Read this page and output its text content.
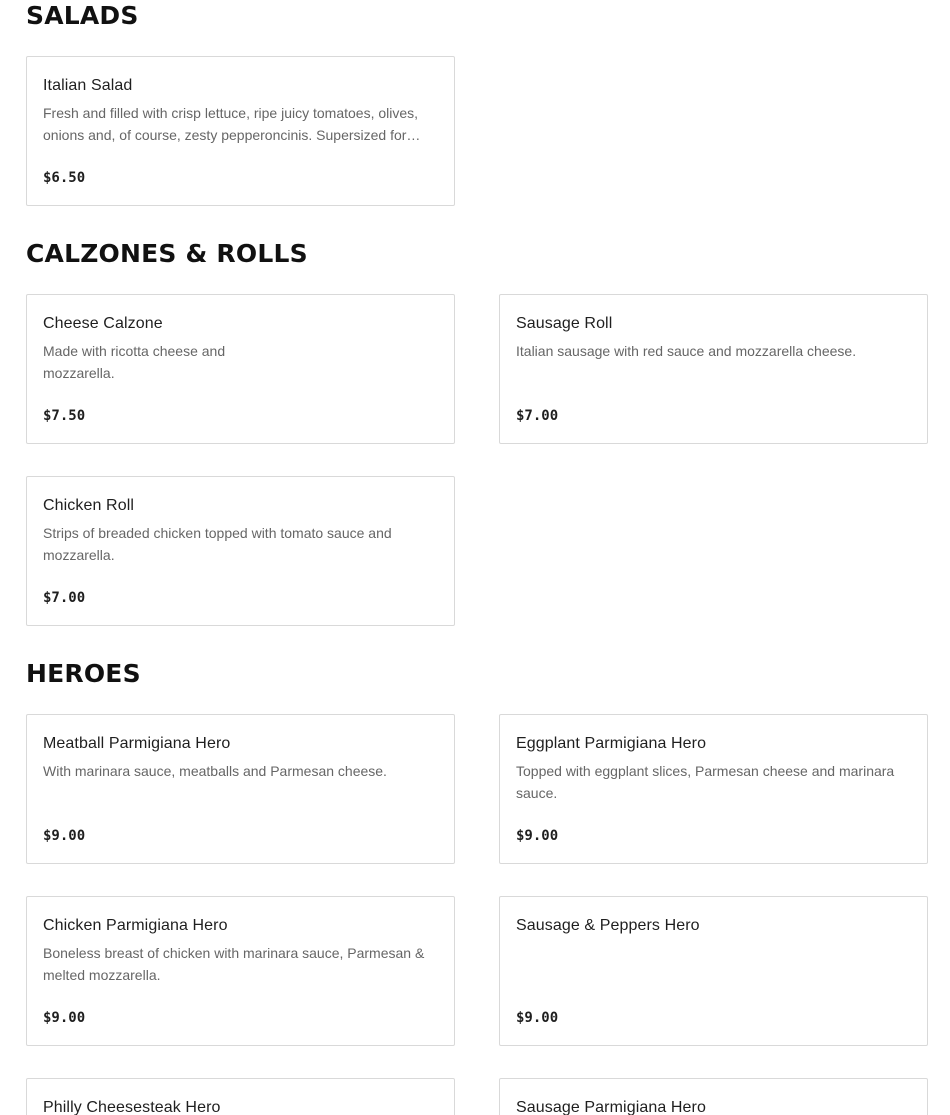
SALADS
Italian Salad
Fresh and filled with crisp lettuce, ripe juicy tomatoes, olives, onions and, of course, zesty pepperoncinis. Supersized for…
$6.50
CALZONES & ROLLS
Cheese Calzone
Made with ricotta cheese and mozzarella.
$7.50
Sausage Roll
Italian sausage with red sauce and mozzarella cheese.
$7.00
Chicken Roll
Strips of breaded chicken topped with tomato sauce and mozzarella.
$7.00
HEROES
Meatball Parmigiana Hero
With marinara sauce, meatballs and Parmesan cheese.
$9.00
Eggplant Parmigiana Hero
Topped with eggplant slices, Parmesan cheese and marinara sauce.
$9.00
Chicken Parmigiana Hero
Boneless breast of chicken with marinara sauce, Parmesan & melted mozzarella.
$9.00
Sausage & Peppers Hero
$9.00
Philly Cheesesteak Hero	Sausage Parmigiana Hero
